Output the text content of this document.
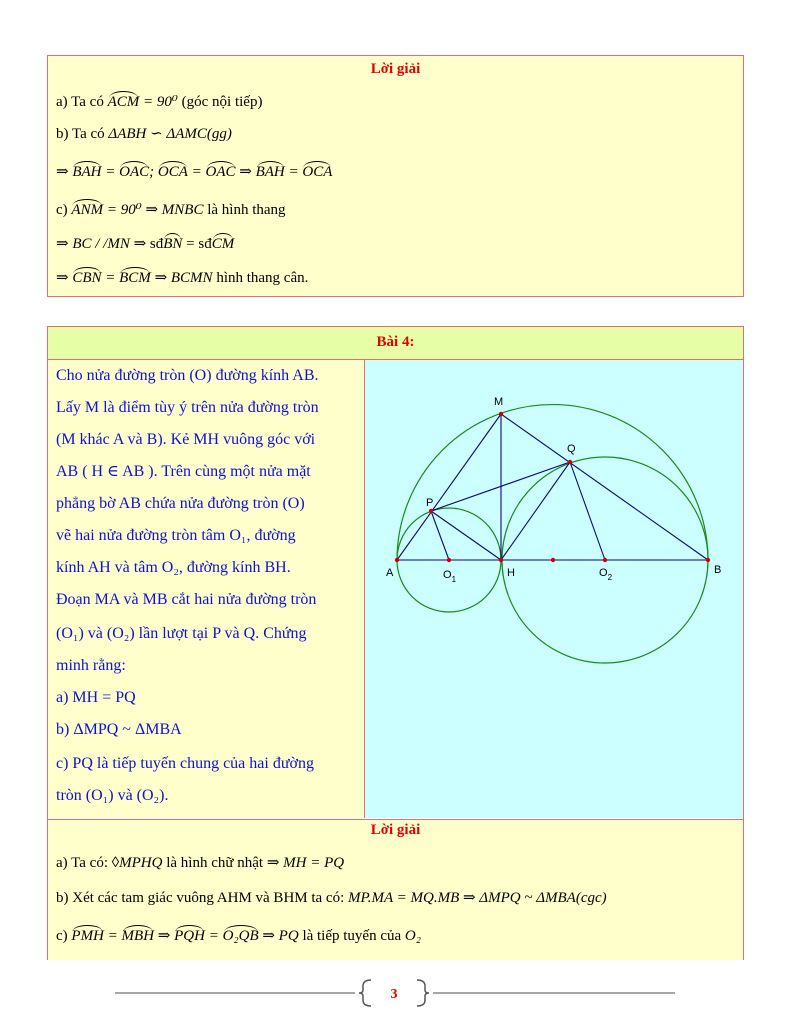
Lời giải
a) Ta có ACM = 90⁰ (góc nội tiếp)
b) Ta có ΔABH ∽ ΔAMC(gg)
⇒ BAH = OAC; OCA = OAC ⇒ BAH = OCA
c) ANM = 90⁰ ⇒ MNBC là hình thang
⇒ BC / /MN ⇒ sđBN = sđCM
⇒ CBN = BCM ⇒ BCMN hình thang cân.
Bài 4:

Cho nửa đường tròn (O) đường kính AB.

Lấy M là điểm tùy ý trên nửa đường tròn

(M khác A và B). Kẻ MH vuông góc với

AB ( H ∈ AB ). Trên cùng một nửa mặt

phẳng bờ AB chứa nửa đường tròn (O)

vẽ hai nửa đường tròn tâm O₁, đường

kính AH và tâm O₂, đường kính BH.

Đoạn MA và MB cắt hai nửa đường tròn

(O₁) và (O₂) lần lượt tại P và Q. Chứng

minh rằng:

a) MH = PQ

b) ΔMPQ ~ ΔMBA

c) PQ là tiếp tuyến chung của hai đường

tròn (O₁) và (O₂).

M
Q
P
A	$O_1$
H	$O_2$
B
Lời giải
a) Ta có: ◊MPHQ là hình chữ nhật ⇒ MH = PQ
b) Xét các tam giác vuông AHM và BHM ta có: MP.MA = MQ.MB ⇒ ΔMPQ ~ ΔMBA(cgc)
c) PMH = MBH ⇒ PQH = O₂QB ⇒ PQ là tiếp tuyến của O₂
3
